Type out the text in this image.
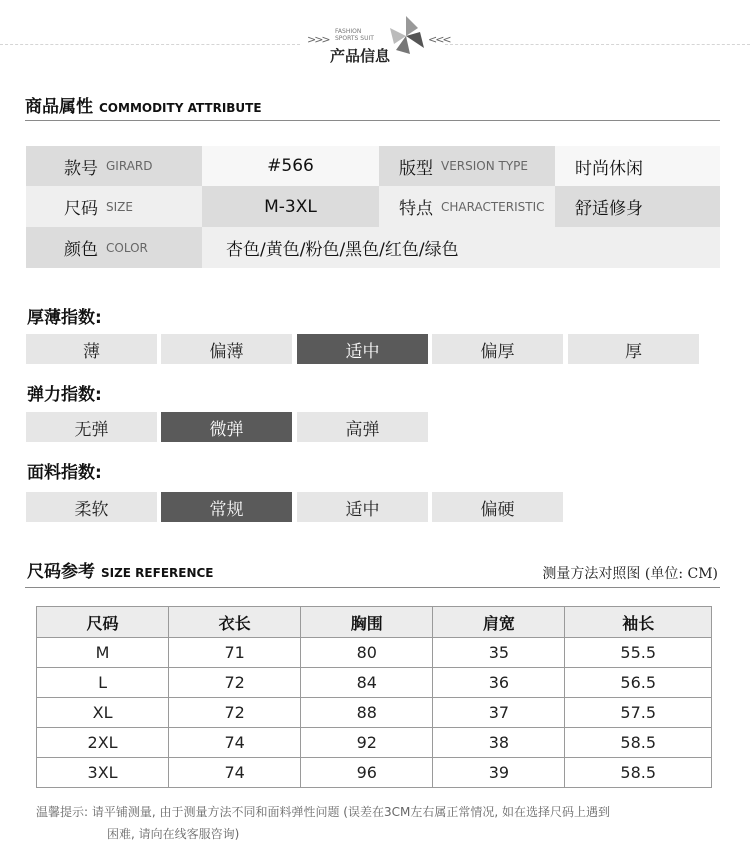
>>>	<<<
FASHION
SPORTS SUIT
产品信息
商品属性 COMMODITY ATTRIBUTE
款号 GIRARD	#566	版型 VERSION TYPE	时尚休闲
尺码 SIZE	M-3XL	特点 CHARACTERISTIC	舒适修身
颜色 COLOR	杏色/黄色/粉色/黑色/红色/绿色
厚薄指数:
薄	偏薄	适中	偏厚	厚
弹力指数:
无弹	微弹	高弹
面料指数:
柔软	常规	适中	偏硬
尺码参考 SIZE REFERENCE	测量方法对照图 (单位: CM)
尺码	衣长	胸围	肩宽	袖长
M	71	80	35	55.5
L	72	84	36	56.5
XL	72	88	37	57.5
2XL	74	92	38	58.5
3XL	74	96	39	58.5
温馨提示: 请平铺测量, 由于测量方法不同和面料弹性问题 (误差在3CM左右属正常情况, 如在选择尺码上遇到
困难, 请向在线客服咨询)
